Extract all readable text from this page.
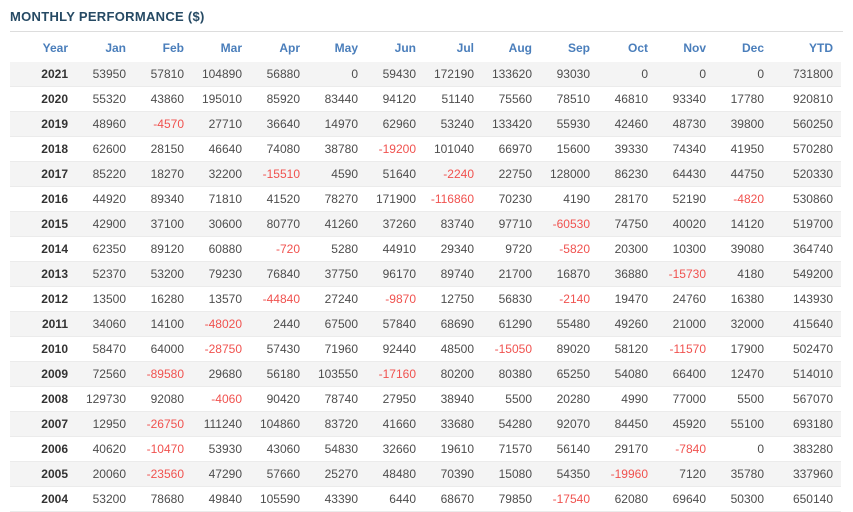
MONTHLY PERFORMANCE ($)
Year	Jan	Feb	Mar	Apr	May	Jun	Jul	Aug	Sep	Oct	Nov	Dec	YTD
2021	53950	57810	104890	56880	0	59430	172190	133620	93030	0	0	0	731800
2020	55320	43860	195010	85920	83440	94120	51140	75560	78510	46810	93340	17780	920810
2019	48960	-4570	27710	36640	14970	62960	53240	133420	55930	42460	48730	39800	560250
2018	62600	28150	46640	74080	38780	-19200	101040	66970	15600	39330	74340	41950	570280
2017	85220	18270	32200	-15510	4590	51640	-2240	22750	128000	86230	64430	44750	520330
2016	44920	89340	71810	41520	78270	171900	-116860	70230	4190	28170	52190	-4820	530860
2015	42900	37100	30600	80770	41260	37260	83740	97710	-60530	74750	40020	14120	519700
2014	62350	89120	60880	-720	5280	44910	29340	9720	-5820	20300	10300	39080	364740
2013	52370	53200	79230	76840	37750	96170	89740	21700	16870	36880	-15730	4180	549200
2012	13500	16280	13570	-44840	27240	-9870	12750	56830	-2140	19470	24760	16380	143930
2011	34060	14100	-48020	2440	67500	57840	68690	61290	55480	49260	21000	32000	415640
2010	58470	64000	-28750	57430	71960	92440	48500	-15050	89020	58120	-11570	17900	502470
2009	72560	-89580	29680	56180	103550	-17160	80200	80380	65250	54080	66400	12470	514010
2008	129730	92080	-4060	90420	78740	27950	38940	5500	20280	4990	77000	5500	567070
2007	12950	-26750	111240	104860	83720	41660	33680	54280	92070	84450	45920	55100	693180
2006	40620	-10470	53930	43060	54830	32660	19610	71570	56140	29170	-7840	0	383280
2005	20060	-23560	47290	57660	25270	48480	70390	15080	54350	-19960	7120	35780	337960
2004	53200	78680	49840	105590	43390	6440	68670	79850	-17540	62080	69640	50300	650140
